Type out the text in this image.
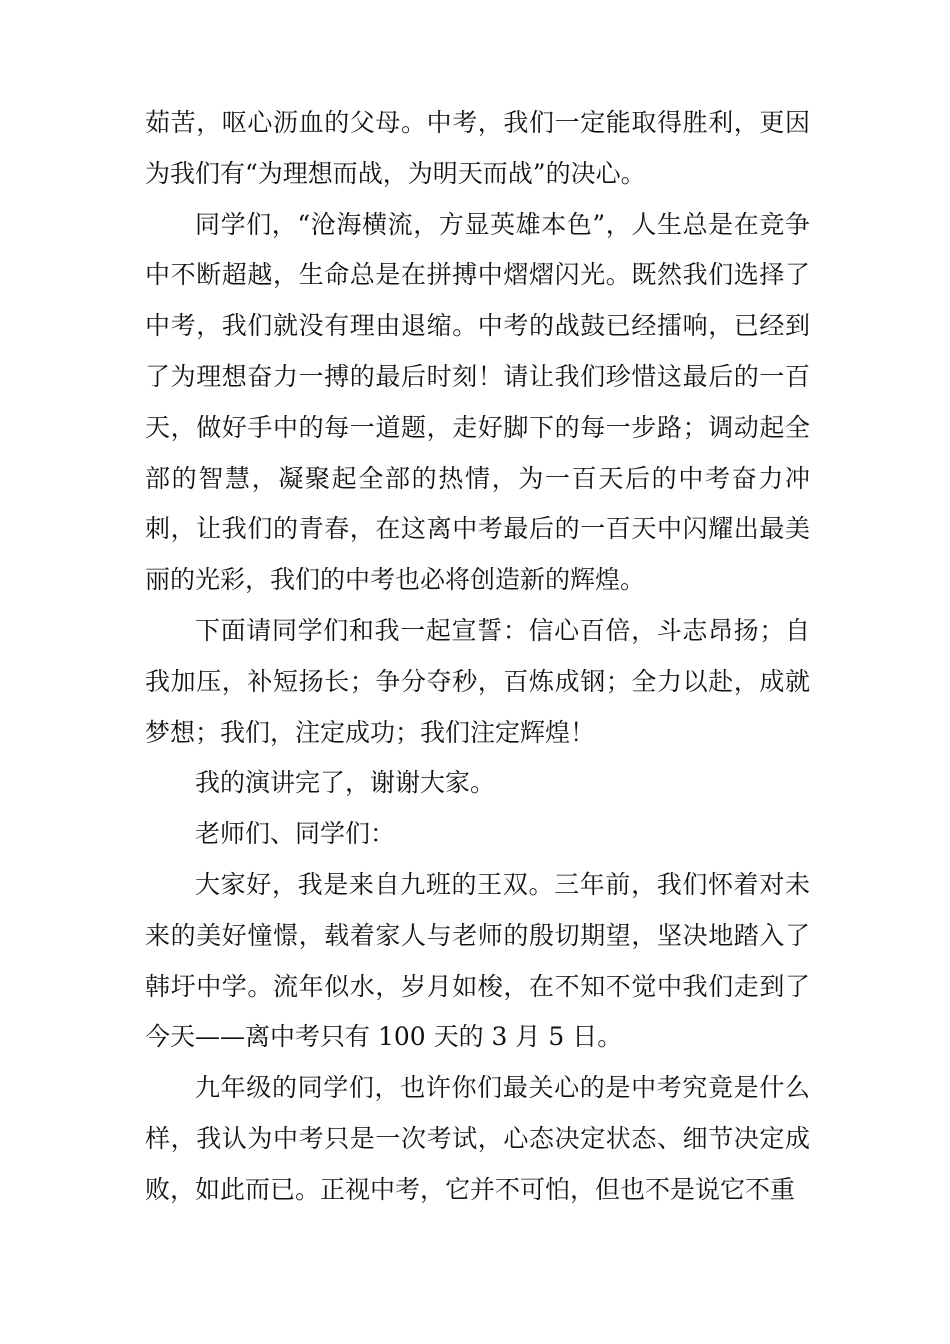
茹苦，呕心沥血的父母。中考，我们一定能取得胜利，更因为我们有“为理想而战，为明天而战”的决心。

同学们，“沧海横流，方显英雄本色”，人生总是在竞争中不断超越，生命总是在拼搏中熠熠闪光。既然我们选择了中考，我们就没有理由退缩。中考的战鼓已经擂响，已经到了为理想奋力一搏的最后时刻！请让我们珍惜这最后的一百天，做好手中的每一道题，走好脚下的每一步路；调动起全部的智慧，凝聚起全部的热情，为一百天后的中考奋力冲刺，让我们的青春，在这离中考最后的一百天中闪耀出最美丽的光彩，我们的中考也必将创造新的辉煌。

下面请同学们和我一起宣誓：信心百倍，斗志昂扬；自我加压，补短扬长；争分夺秒，百炼成钢；全力以赴，成就梦想；我们，注定成功；我们注定辉煌！

我的演讲完了，谢谢大家。

老师们、同学们：

大家好，我是来自九班的王双。三年前，我们怀着对未来的美好憧憬，载着家人与老师的殷切期望，坚决地踏入了韩圩中学。流年似水，岁月如梭，在不知不觉中我们走到了今天——离中考只有 100 天的 3 月 5 日。

九年级的同学们，也许你们最关心的是中考究竟是什么样，我认为中考只是一次考试，心态决定状态、细节决定成败，如此而已。正视中考，它并不可怕，但也不是说它不重
